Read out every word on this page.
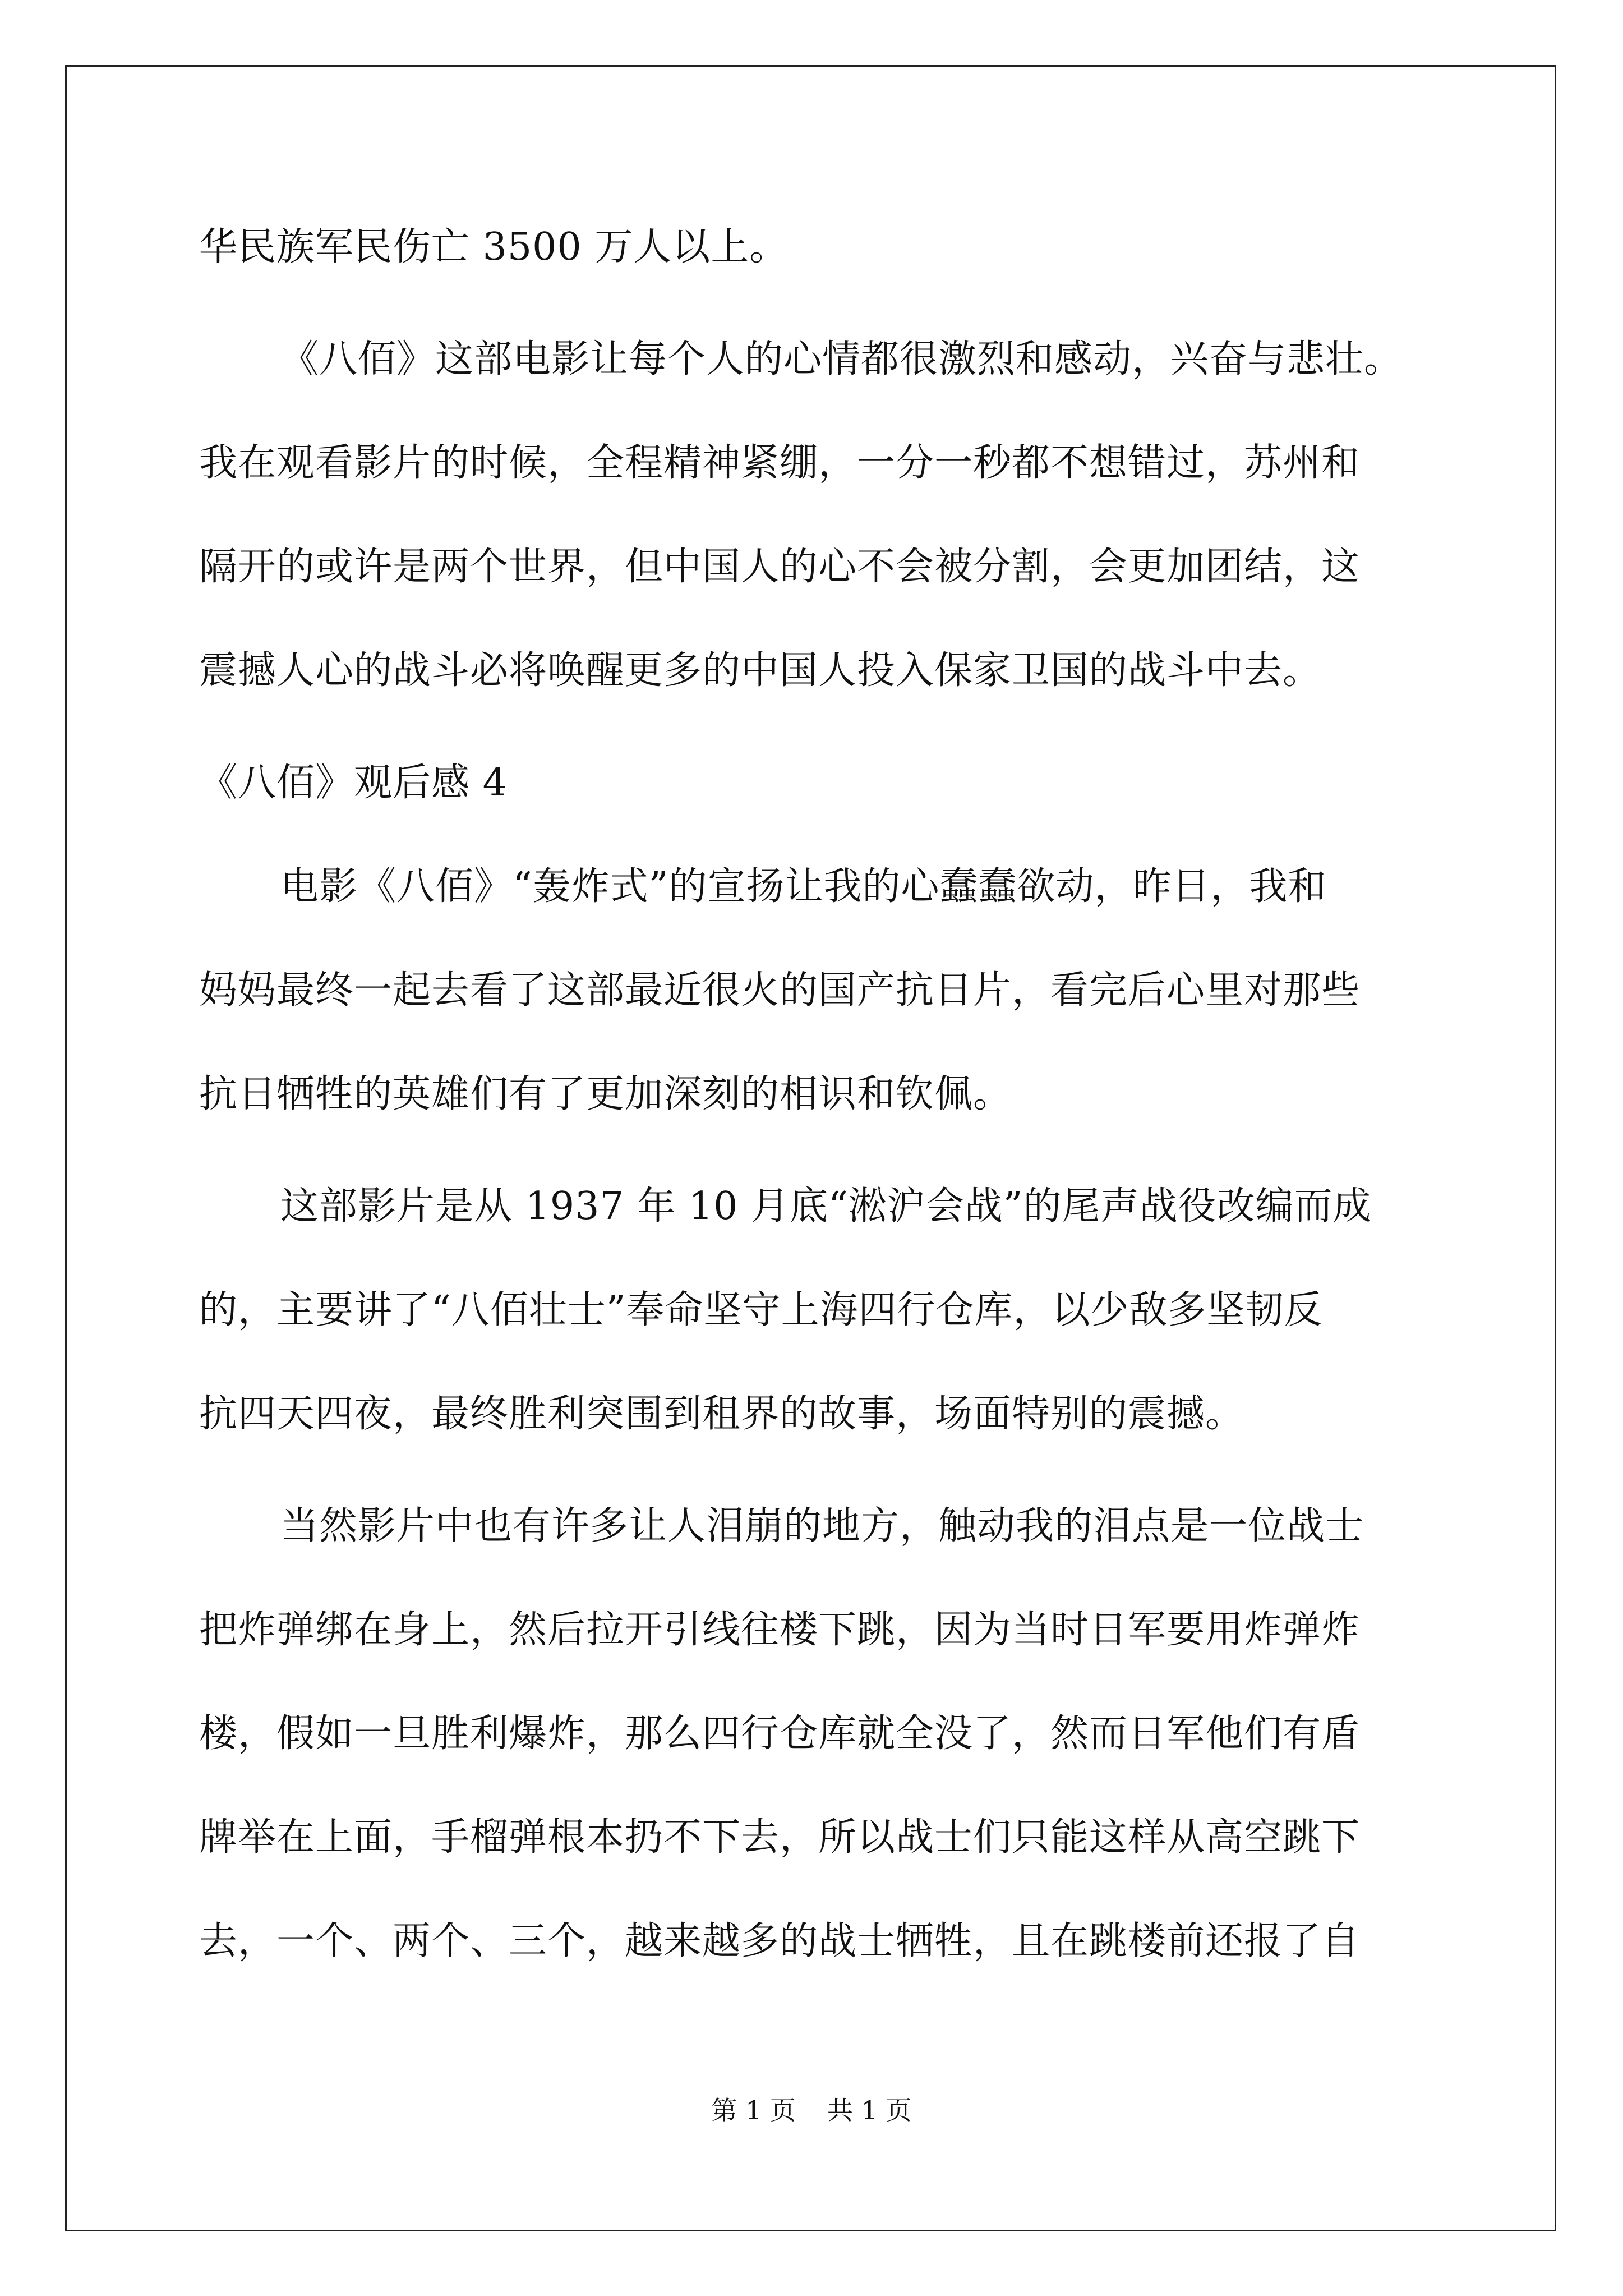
华民族军民伤亡 3500 万人以上。
《八佰》这部电影让每个人的心情都很激烈和感动，兴奋与悲壮。
我在观看影片的时候，全程精神紧绷，一分一秒都不想错过，苏州和
隔开的或许是两个世界，但中国人的心不会被分割，会更加团结，这
震撼人心的战斗必将唤醒更多的中国人投入保家卫国的战斗中去。
《八佰》观后感 4
电影《八佰》“轰炸式”的宣扬让我的心蠢蠢欲动，昨日，我和
妈妈最终一起去看了这部最近很火的国产抗日片，看完后心里对那些
抗日牺牲的英雄们有了更加深刻的相识和钦佩。
这部影片是从 1937 年 10 月底“淞沪会战”的尾声战役改编而成
的，主要讲了“八佰壮士”奉命坚守上海四行仓库，以少敌多坚韧反
抗四天四夜，最终胜利突围到租界的故事，场面特别的震撼。
当然影片中也有许多让人泪崩的地方，触动我的泪点是一位战士
把炸弹绑在身上，然后拉开引线往楼下跳，因为当时日军要用炸弹炸
楼，假如一旦胜利爆炸，那么四行仓库就全没了，然而日军他们有盾
牌举在上面，手榴弹根本扔不下去，所以战士们只能这样从高空跳下
去，一个、两个、三个，越来越多的战士牺牲，且在跳楼前还报了自
第 1 页 共 1 页
